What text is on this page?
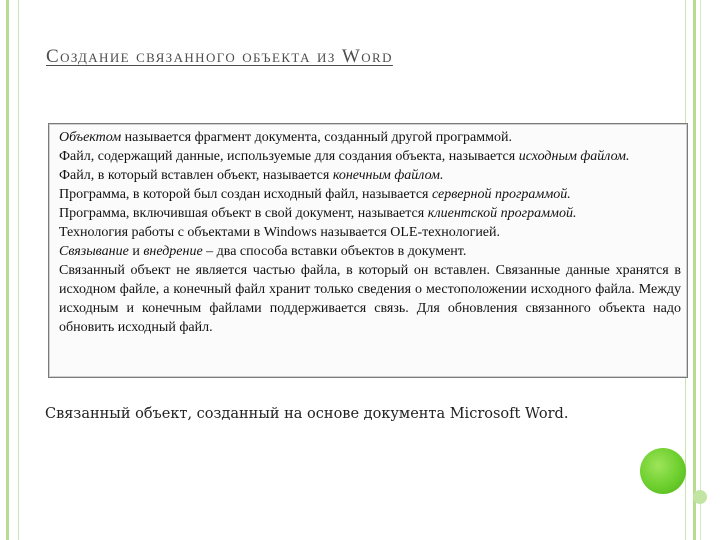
Создание связанного объекта из Word

Объектом называется фрагмент документа, созданный другой программой.

Файл, содержащий данные, используемые для создания объекта, называется исходным файлом.

Файл, в который вставлен объект, называется конечным файлом.

Программа, в которой был создан исходный файл, называется серверной программой.

Программа, включившая объект в свой документ, называется клиентской программой.

Технология работы с объектами в Windows называется OLE-технологией.

Связывание и внедрение – два способа вставки объектов в документ.

Связанный объект не является частью файла, в который он вставлен. Связанные данные хранятся в исходном файле, а конечный файл хранит только сведения о местоположении исходного файла. Между исходным и конечным файлами поддерживается связь. Для обновления связанного объекта надо обновить исходный файл.

Связанный объект, созданный на основе документа Microsoft Word.
